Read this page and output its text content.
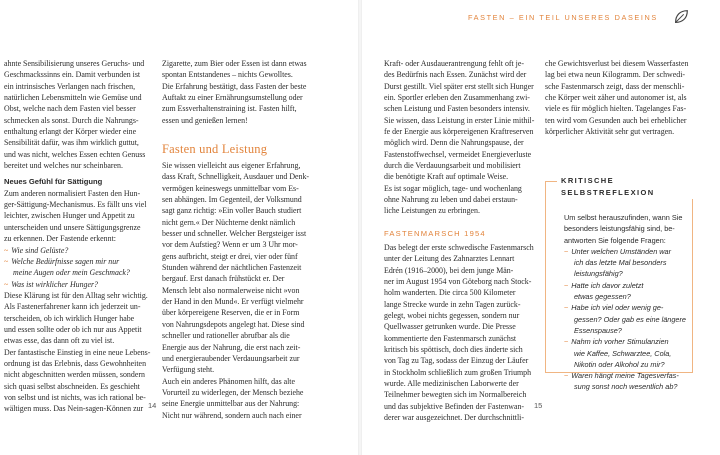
FASTEN – EIN TEIL UNSERES DASEINS

ahnte Sensibilisierung unseres Geruchs- und

Geschmackssinns ein. Damit verbunden ist

ein intrinsisches Verlangen nach frischen,

natürlichen Lebensmitteln wie Gemüse und

Obst, welche nach dem Fasten viel besser

schmecken als sonst. Durch die Nahrungs-

enthaltung erlangt der Körper wieder eine

Sensibilität dafür, was ihm wirklich guttut,

und was nicht, welches Essen echten Genuss

bereitet und welches nur scheinbaren.

Neues Gefühl für Sättigung

Zum anderen normalisiert Fasten den Hun-

ger-Sättigung-Mechanismus. Es fällt uns viel

leichter, zwischen Hunger und Appetit zu

unterscheiden und unsere Sättigungsgrenze

zu erkennen. Der Fastende erkennt:

~ Wie sind Gelüste?

~ Welche Bedürfnisse sagen mir nur

meine Augen oder mein Geschmack?

~ Was ist wirklicher Hunger?

Diese Klärung ist für den Alltag sehr wichtig.

Als Fastenerfahrener kann ich jederzeit un-

terscheiden, ob ich wirklich Hunger habe

und essen sollte oder ob ich nur aus Appetit

etwas esse, das dann oft zu viel ist.

Der fantastische Einstieg in eine neue Lebens-

ordnung ist das Erlebnis, dass Gewohnheiten

nicht abgeschnitten werden müssen, sondern

sich quasi selbst abschneiden. Es geschieht

von selbst und ist nichts, was ich rational be-

wältigen muss. Das Nein-sagen-Können zur

Zigarette, zum Bier oder Essen ist dann etwas

spontan Entstandenes – nichts Gewolltes.

Die Erfahrung bestätigt, dass Fasten der beste

Auftakt zu einer Ernährungsumstellung oder

zum Essverhaltenstraining ist. Fasten hilft,

essen und genießen lernen!

Fasten und Leistung

Sie wissen vielleicht aus eigener Erfahrung,

dass Kraft, Schnelligkeit, Ausdauer und Denk-

vermögen keineswegs unmittelbar vom Es-

sen abhängen. Im Gegenteil, der Volksmund

sagt ganz richtig: »Ein voller Bauch studiert

nicht gern.« Der Nüchterne denkt nämlich

besser und schneller. Welcher Bergsteiger isst

vor dem Aufstieg? Wenn er um 3 Uhr mor-

gens aufbricht, steigt er drei, vier oder fünf

Stunden während der nächtlichen Fastenzeit

bergauf. Erst danach frühstückt er. Der

Mensch lebt also normalerweise nicht »von

der Hand in den Mund«. Er verfügt vielmehr

über körpereigene Reserven, die er in Form

von Nahrungsdepots angelegt hat. Diese sind

schneller und rationeller abrufbar als die

Energie aus der Nahrung, die erst nach zeit-

und energieraubender Verdauungsarbeit zur

Verfügung steht.

Auch ein anderes Phänomen hilft, das alte

Vorurteil zu widerlegen, der Mensch beziehe

seine Energie unmittelbar aus der Nahrung:

Nicht nur während, sondern auch nach einer

Kraft- oder Ausdauerantrengung fehlt oft je-

des Bedürfnis nach Essen. Zunächst wird der

Durst gestillt. Viel später erst stellt sich Hunger

ein. Sportler erleben den Zusammenhang zwi-

schen Leistung und Fasten besonders intensiv.

Sie wissen, dass Leistung in erster Linie mithil-

fe der Energie aus körpereigenen Kraftreserven

möglich wird. Denn die Nahrungspause, der

Fastenstoffwechsel, vermeidet Energieverluste

durch die Verdauungsarbeit und mobilisiert

die benötigte Kraft auf optimale Weise.

Es ist sogar möglich, tage- und wochenlang

ohne Nahrung zu leben und dabei erstaun-

liche Leistungen zu erbringen.

FASTENMARSCH 1954

Das belegt der erste schwedische Fastenmarsch

unter der Leitung des Zahnarztes Lennart

Edrén (1916–2000), bei dem junge Män-

ner im August 1954 von Göteborg nach Stock-

holm wanderten. Die circa 500 Kilometer

lange Strecke wurde in zehn Tagen zurück-

gelegt, wobei nichts gegessen, sondern nur

Quellwasser getrunken wurde. Die Presse

kommentierte den Fastenmarsch zunächst

kritisch bis spöttisch, doch dies änderte sich

von Tag zu Tag, sodass der Einzug der Läufer

in Stockholm schließlich zum großen Triumph

wurde. Alle medizinischen Laborwerte der

Teilnehmer bewegten sich im Normalbereich

und das subjektive Befinden der Fastenwan-

derer war ausgezeichnet. Der durchschnittli-

che Gewichtsverlust bei diesem Wasserfasten

lag bei etwa neun Kilogramm. Der schwedi-

sche Fastenmarsch zeigt, dass der menschli-

che Körper weit zäher und autonomer ist, als

viele es für möglich hielten. Tagelanges Fas-

ten wird vom Gesunden auch bei erheblicher

körperlicher Aktivität sehr gut vertragen.

KRITISCHE SELBSTREFLEXION

Um selbst herauszufinden, wann Sie

besonders leistungsfähig sind, be-

antworten Sie folgende Fragen:

~ Unter welchen Umständen war

ich das letzte Mal besonders

leistungsfähig?

~ Hatte ich davor zuletzt

etwas gegessen?

~ Habe ich viel oder wenig ge-

gessen? Oder gab es eine längere

Essenspause?

~ Nahm ich vorher Stimulanzien

wie Kaffee, Schwarztee, Cola,

Nikotin oder Alkohol zu mir?

~ Waren hängt meine Tagesverfas-

sung sonst noch wesentlich ab?

14	15
